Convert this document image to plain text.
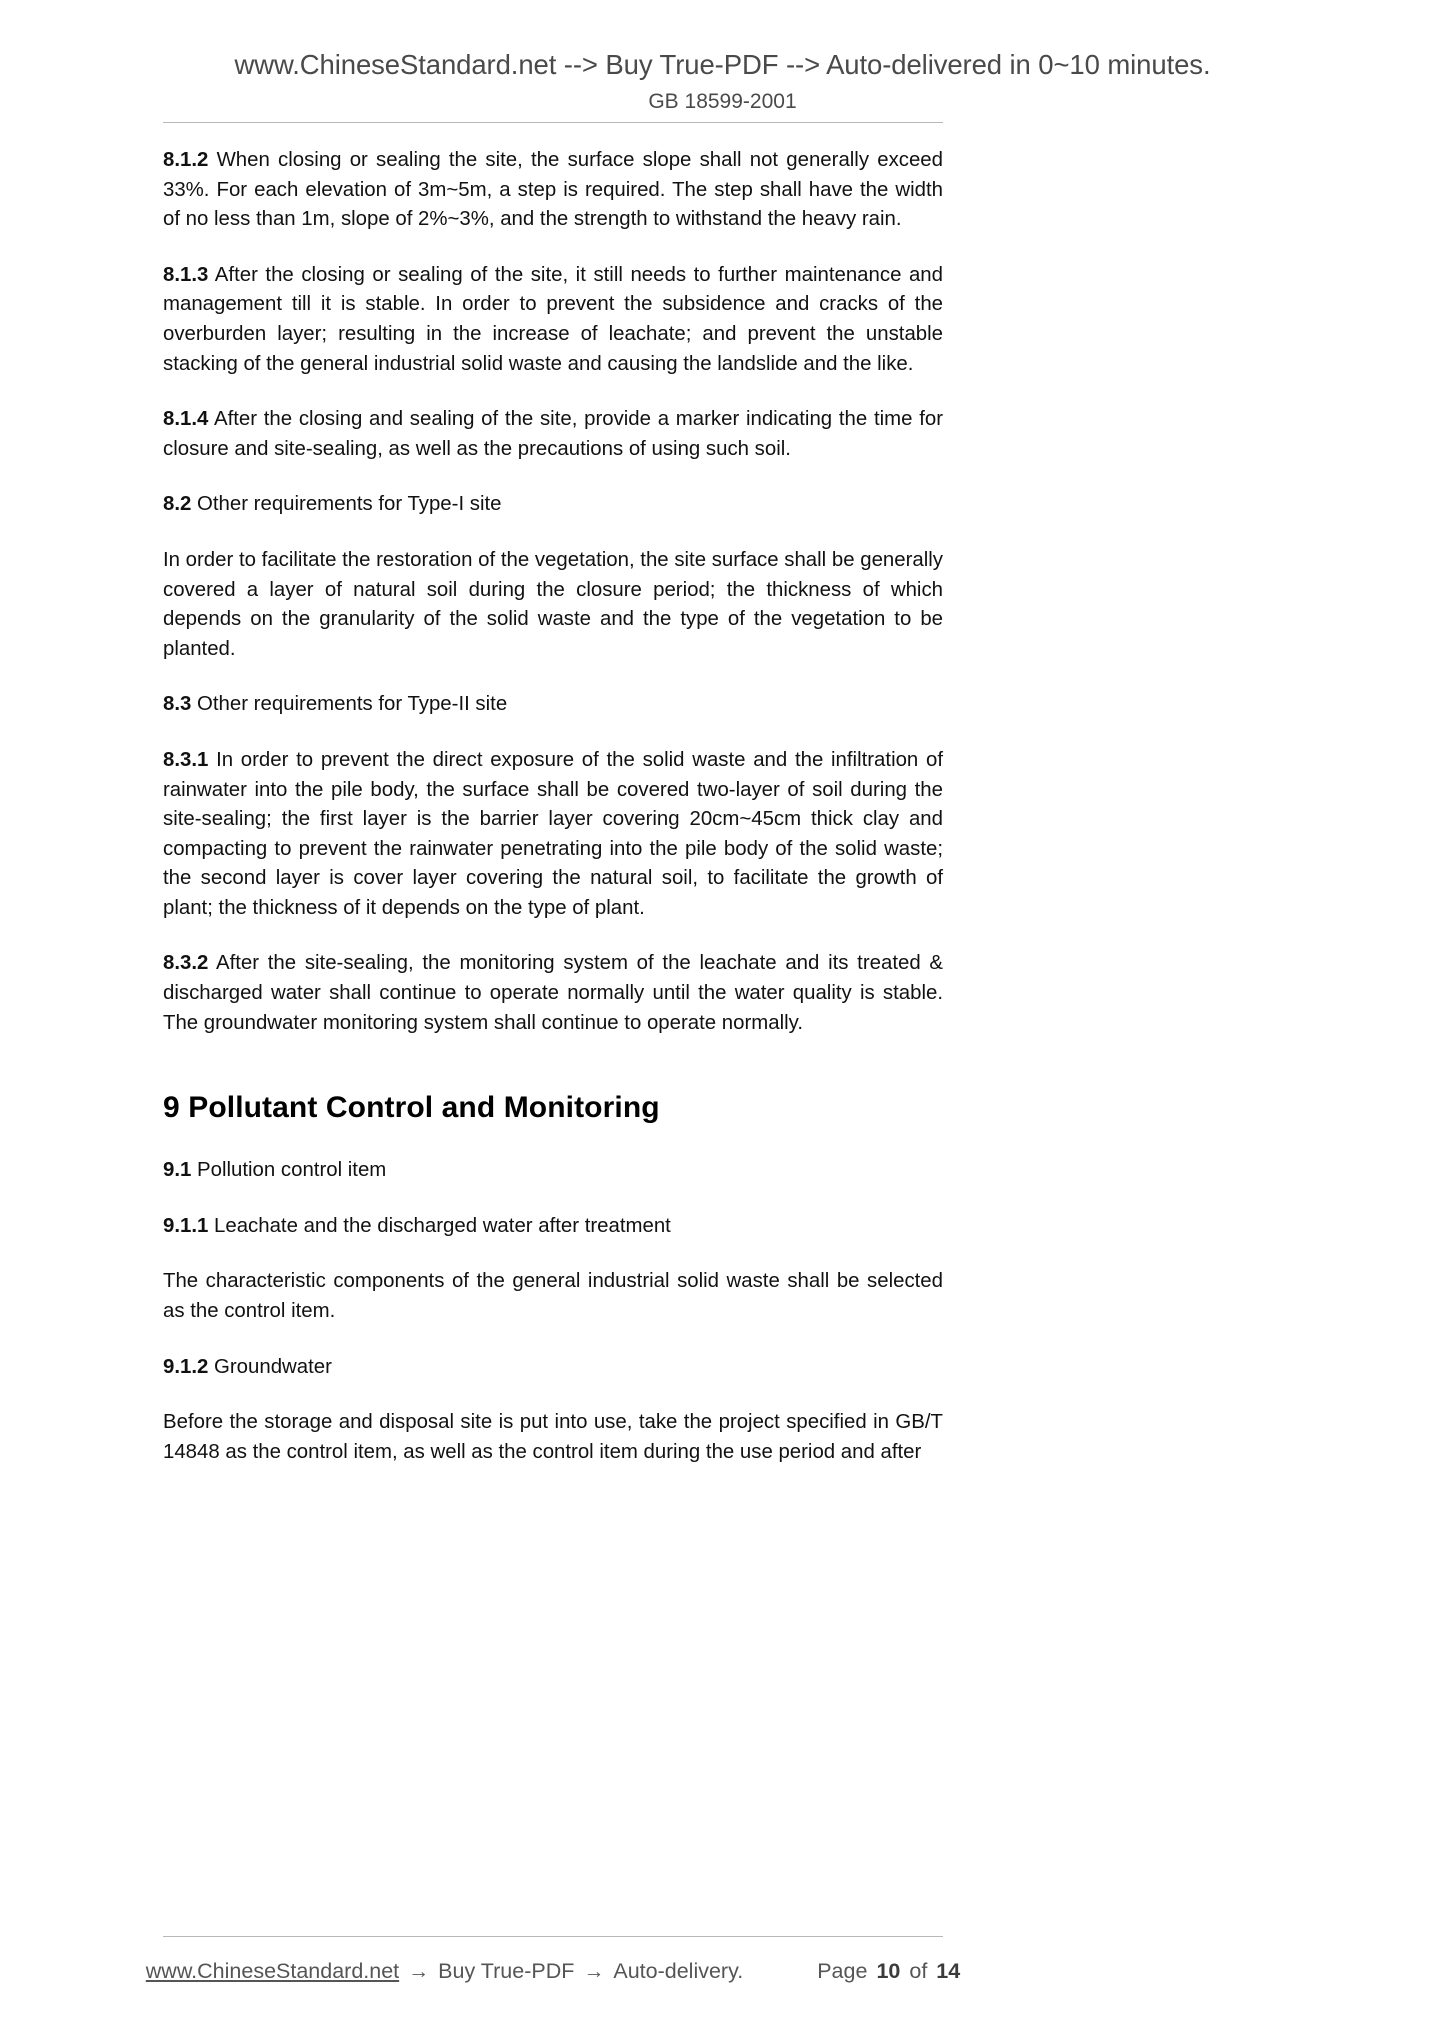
www.ChineseStandard.net --> Buy True-PDF --> Auto-delivered in 0~10 minutes.
GB 18599-2001

8.1.2 When closing or sealing the site, the surface slope shall not generally exceed 33%. For each elevation of 3m~5m, a step is required. The step shall have the width of no less than 1m, slope of 2%~3%, and the strength to withstand the heavy rain.

8.1.3 After the closing or sealing of the site, it still needs to further maintenance and management till it is stable. In order to prevent the subsidence and cracks of the overburden layer; resulting in the increase of leachate; and prevent the unstable stacking of the general industrial solid waste and causing the landslide and the like.

8.1.4 After the closing and sealing of the site, provide a marker indicating the time for closure and site-sealing, as well as the precautions of using such soil.

8.2 Other requirements for Type-I site

In order to facilitate the restoration of the vegetation, the site surface shall be generally covered a layer of natural soil during the closure period; the thickness of which depends on the granularity of the solid waste and the type of the vegetation to be planted.

8.3 Other requirements for Type-II site

8.3.1 In order to prevent the direct exposure of the solid waste and the infiltration of rainwater into the pile body, the surface shall be covered two-layer of soil during the site-sealing; the first layer is the barrier layer covering 20cm~45cm thick clay and compacting to prevent the rainwater penetrating into the pile body of the solid waste; the second layer is cover layer covering the natural soil, to facilitate the growth of plant; the thickness of it depends on the type of plant.

8.3.2 After the site-sealing, the monitoring system of the leachate and its treated & discharged water shall continue to operate normally until the water quality is stable. The groundwater monitoring system shall continue to operate normally.

9 Pollutant Control and Monitoring

9.1 Pollution control item

9.1.1 Leachate and the discharged water after treatment

The characteristic components of the general industrial solid waste shall be selected as the control item.

9.1.2 Groundwater

Before the storage and disposal site is put into use, take the project specified in GB/T 14848 as the control item, as well as the control item during the use period and after

www.ChineseStandard.net → Buy True-PDF → Auto-delivery.	Page 10 of 14
